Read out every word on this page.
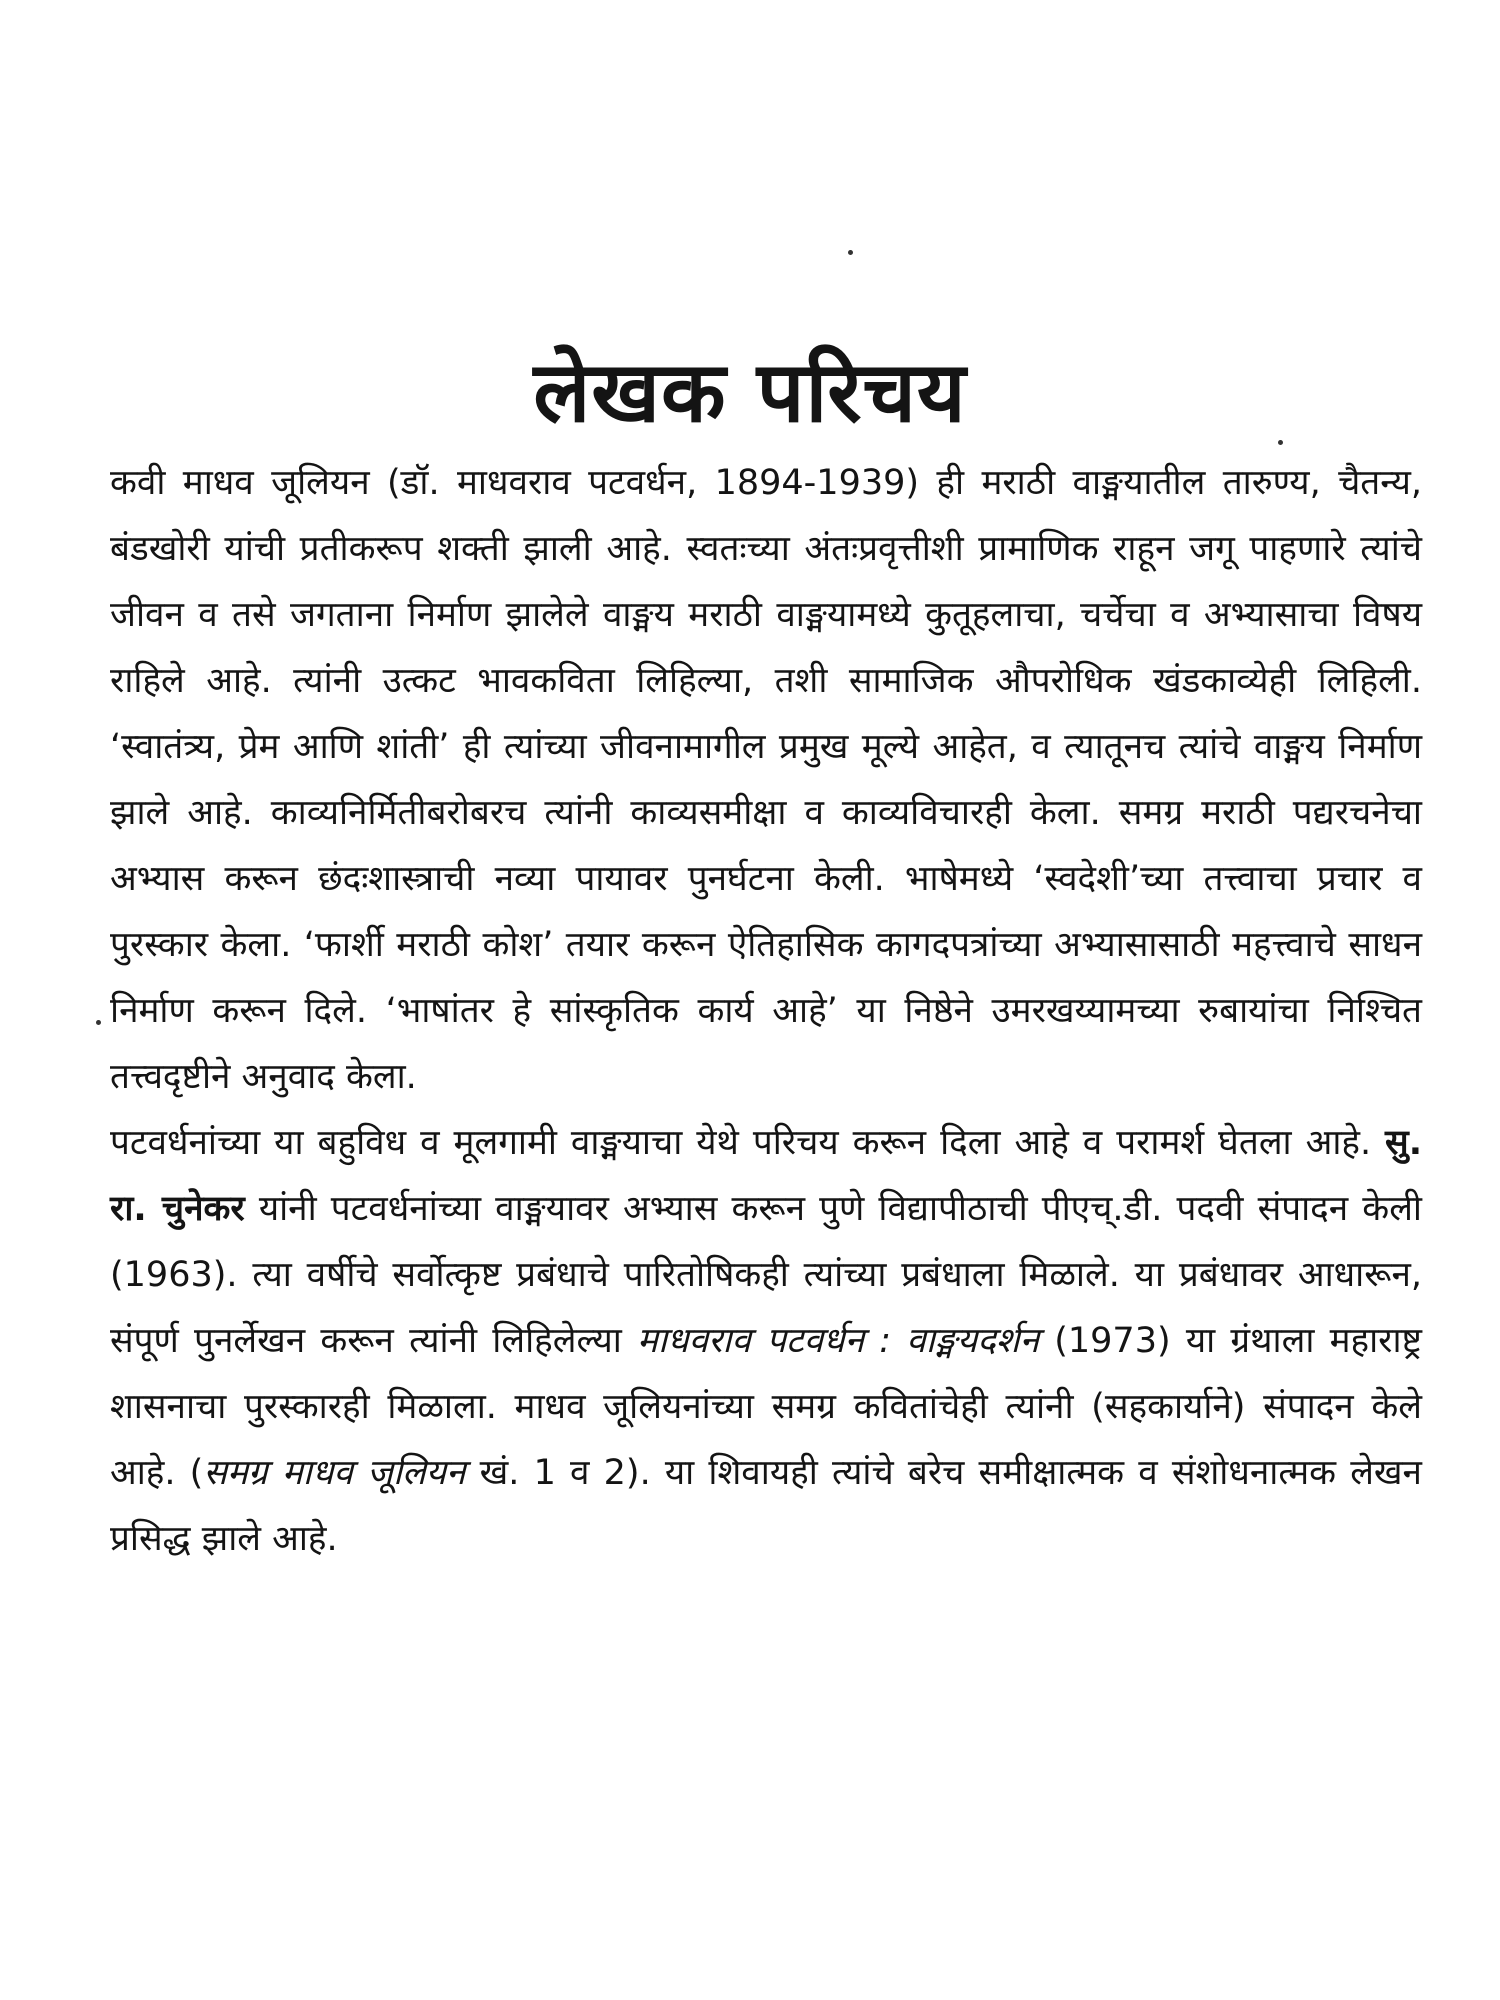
लेखक परिचय

कवी माधव जूलियन (डॉ. माधवराव पटवर्धन, 1894-1939) ही मराठी वाङ्मयातील तारुण्य, चैतन्य, बंडखोरी यांची प्रतीकरूप शक्ती झाली आहे. स्वतःच्या अंतःप्रवृत्तीशी प्रामाणिक राहून जगू पाहणारे त्यांचे जीवन व तसे जगताना निर्माण झालेले वाङ्मय मराठी वाङ्मयामध्ये कुतूहलाचा, चर्चेचा व अभ्यासाचा विषय राहिले आहे. त्यांनी उत्कट भावकविता लिहिल्या, तशी सामाजिक औपरोधिक खंडकाव्येही लिहिली. ‘स्वातंत्र्य, प्रेम आणि शांती’ ही त्यांच्या जीवनामागील प्रमुख मूल्ये आहेत, व त्यातूनच त्यांचे वाङ्मय निर्माण झाले आहे. काव्यनिर्मितीबरोबरच त्यांनी काव्यसमीक्षा व काव्यविचारही केला. समग्र मराठी पद्यरचनेचा अभ्यास करून छंदःशास्त्राची नव्या पायावर पुनर्घटना केली. भाषेमध्ये ‘स्वदेशी’च्या तत्त्वाचा प्रचार व पुरस्कार केला. ‘फार्शी मराठी कोश’ तयार करून ऐतिहासिक कागदपत्रांच्या अभ्यासासाठी महत्त्वाचे साधन निर्माण करून दिले. ‘भाषांतर हे सांस्कृतिक कार्य आहे’ या निष्ठेने उमरखय्यामच्या रुबायांचा निश्चित तत्त्वदृष्टीने अनुवाद केला.

पटवर्धनांच्या या बहुविध व मूलगामी वाङ्मयाचा येथे परिचय करून दिला आहे व परामर्श घेतला आहे. सु. रा. चुनेकर यांनी पटवर्धनांच्या वाङ्मयावर अभ्यास करून पुणे विद्यापीठाची पीएच्.डी. पदवी संपादन केली (1963). त्या वर्षीचे सर्वोत्कृष्ट प्रबंधाचे पारितोषिकही त्यांच्या प्रबंधाला मिळाले. या प्रबंधावर आधारून, संपूर्ण पुनर्लेखन करून त्यांनी लिहिलेल्या माधवराव पटवर्धन : वाङ्मयदर्शन (1973) या ग्रंथाला महाराष्ट्र शासनाचा पुरस्कारही मिळाला. माधव जूलियनांच्या समग्र कवितांचेही त्यांनी (सहकार्याने) संपादन केले आहे. (समग्र माधव जूलियन खं. 1 व 2). या शिवायही त्यांचे बरेच समीक्षात्मक व संशोधनात्मक लेखन प्रसिद्ध झाले आहे.
